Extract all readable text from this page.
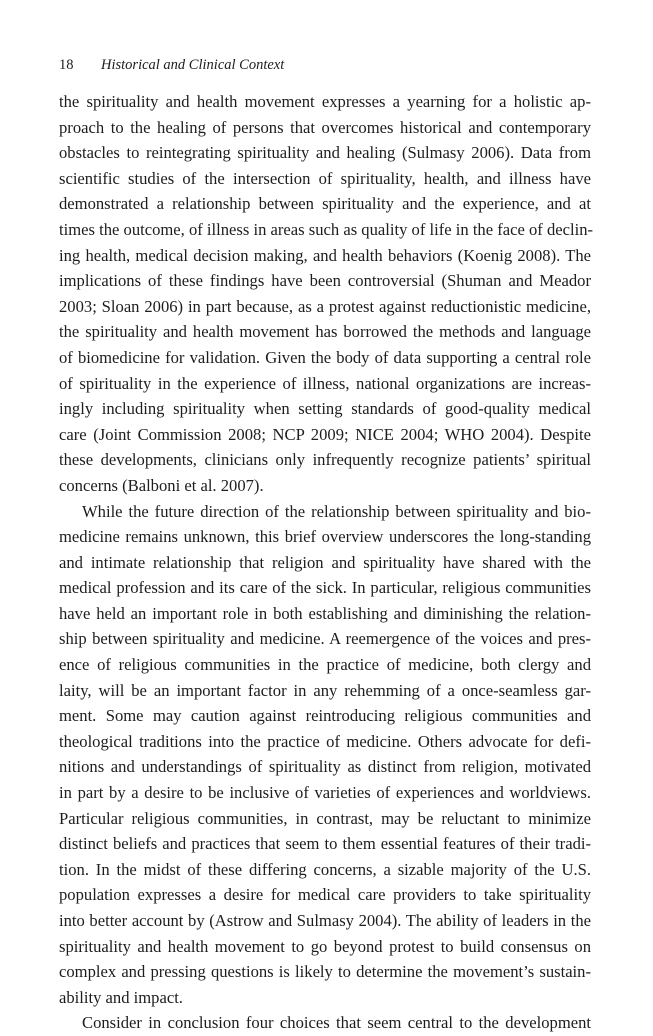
18 Historical and Clinical Context
the spirituality and health movement expresses a yearning for a holistic ap-
proach to the healing of persons that overcomes historical and contemporary
obstacles to reintegrating spirituality and healing (Sulmasy 2006). Data from
scientific studies of the intersection of spirituality, health, and illness have
demonstrated a relationship between spirituality and the experience, and at
times the outcome, of illness in areas such as quality of life in the face of declin-
ing health, medical decision making, and health behaviors (Koenig 2008). The
implications of these findings have been controversial (Shuman and Meador
2003; Sloan 2006) in part because, as a protest against reductionistic medicine,
the spirituality and health movement has borrowed the methods and language
of biomedicine for validation. Given the body of data supporting a central role
of spirituality in the experience of illness, national organizations are increas-
ingly including spirituality when setting standards of good-quality medical
care (Joint Commission 2008; NCP 2009; NICE 2004; WHO 2004). Despite
these developments, clinicians only infrequently recognize patients’ spiritual
concerns (Balboni et al. 2007).
While the future direction of the relationship between spirituality and bio-
medicine remains unknown, this brief overview underscores the long-standing
and intimate relationship that religion and spirituality have shared with the
medical profession and its care of the sick. In particular, religious communities
have held an important role in both establishing and diminishing the relation-
ship between spirituality and medicine. A reemergence of the voices and pres-
ence of religious communities in the practice of medicine, both clergy and
laity, will be an important factor in any rehemming of a once-seamless gar-
ment. Some may caution against reintroducing religious communities and
theological traditions into the practice of medicine. Others advocate for defi-
nitions and understandings of spirituality as distinct from religion, motivated
in part by a desire to be inclusive of varieties of experiences and worldviews.
Particular religious communities, in contrast, may be reluctant to minimize
distinct beliefs and practices that seem to them essential features of their tradi-
tion. In the midst of these differing concerns, a sizable majority of the U.S.
population expresses a desire for medical care providers to take spirituality
into better account by (Astrow and Sulmasy 2004). The ability of leaders in the
spirituality and health movement to go beyond protest to build consensus on
complex and pressing questions is likely to determine the movement’s sustain-
ability and impact.
Consider in conclusion four choices that seem central to the development
